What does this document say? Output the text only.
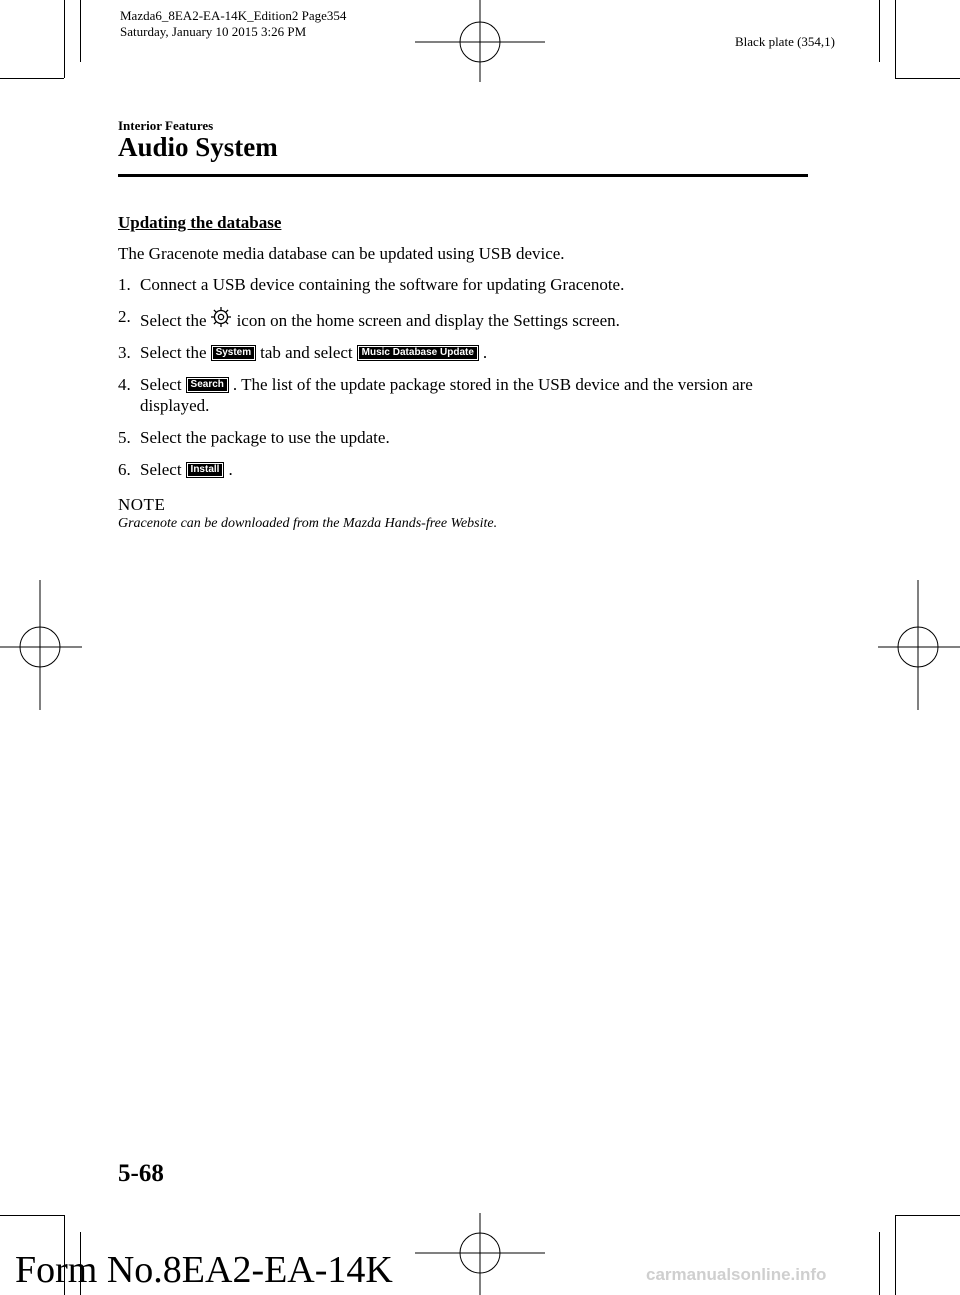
Mazda6_8EA2-EA-14K_Edition2 Page354
Saturday, January 10 2015 3:26 PM
Black plate (354,1)
Interior Features
Audio System
Updating the database
The Gracenote media database can be updated using USB device.
1. Connect a USB device containing the software for updating Gracenote.
2. Select the icon on the home screen and display the Settings screen.
3. Select the System tab and select Music Database Update .
4. Select Search . The list of the update package stored in the USB device and the version are displayed.
5. Select the package to use the update.
6. Select Install .
NOTE
Gracenote can be downloaded from the Mazda Hands-free Website.
5-68
Form No.8EA2-EA-14K	carmanualsonline.info
